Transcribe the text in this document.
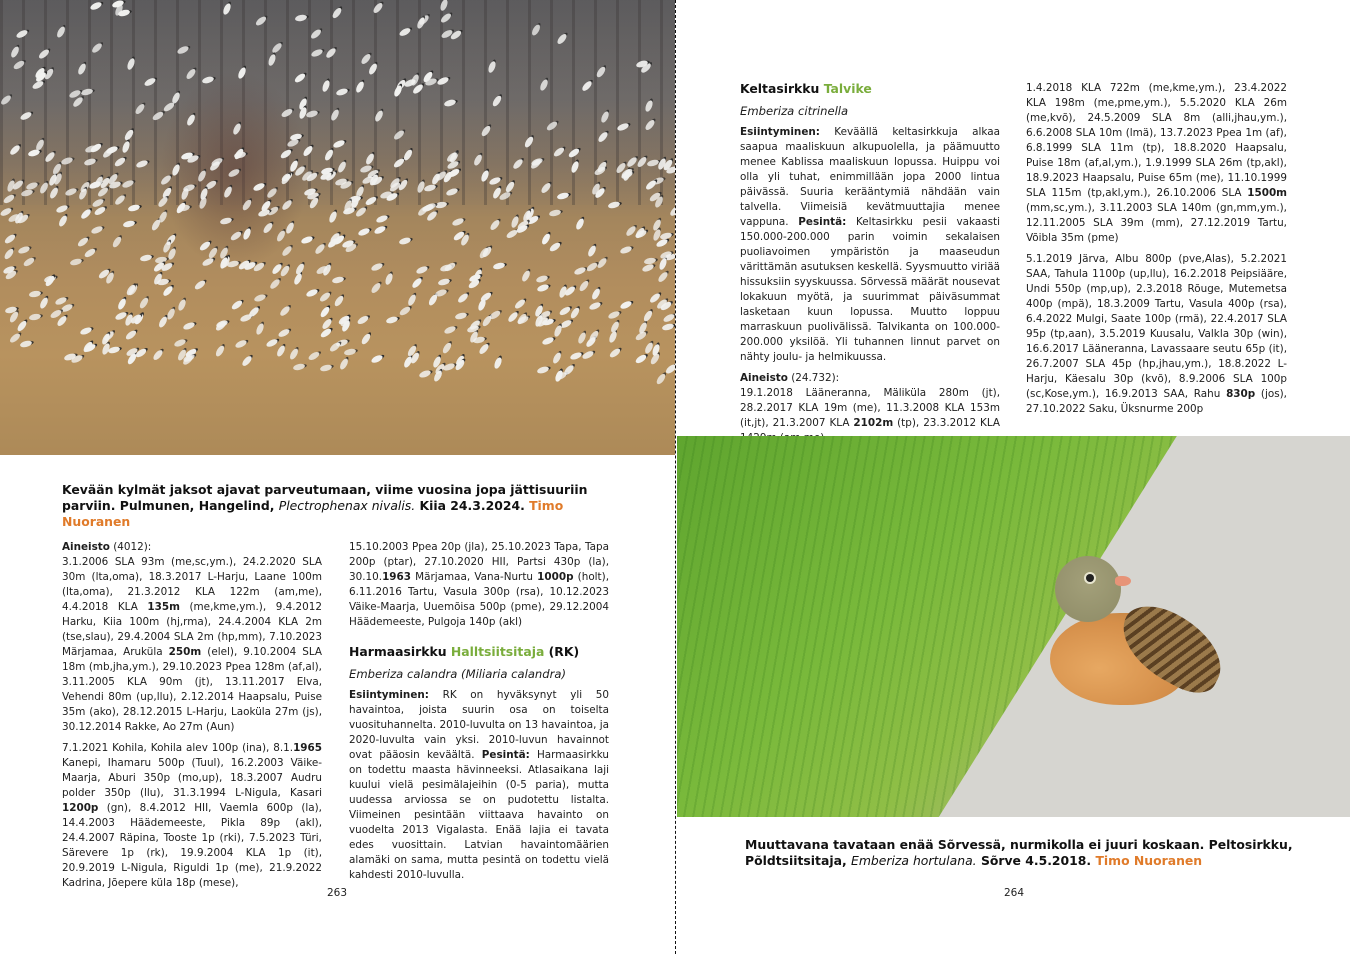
Kevään kylmät jaksot ajavat parveutumaan, viime vuosina jopa jättisuuriin parviin. Pulmunen, Hangelind, Plectrophenax nivalis. Kiia 24.3.2024. Timo Nuoranen

Aineisto (4012):

3.1.2006 SLA 93m (me,sc,ym.), 24.2.2020 SLA 30m (lta,oma), 18.3.2017 L-Harju, Laane 100m (lta,oma), 21.3.2012 KLA 122m (am,me), 4.4.2018 KLA 135m (me,kme,ym.), 9.4.2012 Harku, Kiia 100m (hj,rma), 24.4.2004 KLA 2m (tse,slau), 29.4.2004 SLA 2m (hp,mm), 7.10.2023 Märjamaa, Aruküla 250m (elel), 9.10.2004 SLA 18m (mb,jha,ym.), 29.10.2023 Ppea 128m (af,al), 3.11.2005 KLA 90m (jt), 13.11.2017 Elva, Vehendi 80m (up,llu), 2.12.2014 Haapsalu, Puise 35m (ako), 28.12.2015 L-Harju, Laoküla 27m (js), 30.12.2014 Rakke, Ao 27m (Aun)

7.1.2021 Kohila, Kohila alev 100p (ina), 8.1.1965 Kanepi, Ihamaru 500p (Tuul), 16.2.2003 Väike-Maarja, Aburi 350p (mo,up), 18.3.2007 Audru polder 350p (llu), 31.3.1994 L-Nigula, Kasari 1200p (gn), 8.4.2012 HII, Vaemla 600p (la), 14.4.2003 Häädemeeste, Pikla 89p (akl), 24.4.2007 Räpina, Tooste 1p (rki), 7.5.2023 Türi, Särevere 1p (rk), 19.9.2004 KLA 1p (it), 20.9.2019 L-Nigula, Riguldi 1p (me), 21.9.2022 Kadrina, Jõepere küla 18p (mese),

15.10.2003 Ppea 20p (jla), 25.10.2023 Tapa, Tapa 200p (ptar), 27.10.2020 HII, Partsi 430p (la), 30.10.1963 Märjamaa, Vana-Nurtu 1000p (holt), 6.11.2016 Tartu, Vasula 300p (rsa), 10.12.2023 Väike-Maarja, Uuemõisa 500p (pme), 29.12.2004 Häädemeeste, Pulgoja 140p (akl)

Harmaasirkku Halltsiitsitaja (RK)

Emberiza calandra (Miliaria calandra)

Esiintyminen: RK on hyväksynyt yli 50 havaintoa, joista suurin osa on toiselta vuosituhannelta. 2010-luvulta on 13 havaintoa, ja 2020-luvulta vain yksi. 2010-luvun havainnot ovat pääosin keväältä. Pesintä: Harmaasirkku on todettu maasta hävinneeksi. Atlasaikana laji kuului vielä pesimälajeihin (0-5 paria), mutta uudessa arviossa se on pudotettu listalta. Viimeinen pesintään viittaava havainto on vuodelta 2013 Vigalasta. Enää lajia ei tavata edes vuosittain. Latvian havaintomäärien alamäki on sama, mutta pesintä on todettu vielä kahdesti 2010-luvulla.

263

Keltasirkku Talvike

Emberiza citrinella

Esiintyminen: Keväällä keltasirkkuja alkaa saapua maaliskuun alkupuolella, ja päämuutto menee Kablissa maaliskuun lopussa. Huippu voi olla yli tuhat, enimmillään jopa 2000 lintua päivässä. Suuria kerääntymiä nähdään vain talvella. Viimeisiä kevätmuuttajia menee vappuna. Pesintä: Keltasirkku pesii vakaasti 150.000-200.000 parin voimin sekalaisen puoliavoimen ympäristön ja maaseudun värittämän asutuksen keskellä. Syysmuutto viriää hissuksiin syyskuussa. Sõrvessä määrät nousevat lokakuun myötä, ja suurimmat päiväsummat lasketaan kuun lopussa. Muutto loppuu marraskuun puolivälissä. Talvikanta on 100.000-200.000 yksilöä. Yli tuhannen linnut parvet on nähty joulu- ja helmikuussa.

Aineisto (24.732):

19.1.2018 Lääneranna, Mäliküla 280m (jt), 28.2.2017 KLA 19m (me), 11.3.2008 KLA 153m (it,jt), 21.3.2007 KLA 2102m (tp), 23.3.2012 KLA

1.4.2018 KLA 722m (me,kme,ym.), 23.4.2022 KLA 198m (me,pme,ym.), 5.5.2020 KLA 26m (me,kvõ), 24.5.2009 SLA 8m (alli,jhau,ym.), 6.6.2008 SLA 10m (lmä), 13.7.2023 Ppea 1m (af), 6.8.1999 SLA 11m (tp), 18.8.2020 Haapsalu, Puise 18m (af,al,ym.), 1.9.1999 SLA 26m (tp,akl), 18.9.2023 Haapsalu, Puise 65m (me), 11.10.1999 SLA 115m (tp,akl,ym.), 26.10.2006 SLA 1500m (mm,sc,ym.), 3.11.2003 SLA 140m (gn,mm,ym.), 12.11.2005 SLA 39m (mm), 27.12.2019 Tartu, Võibla 35m (pme)

5.1.2019 Järva, Albu 800p (pve,Alas), 5.2.2021 SAA, Tahula 1100p (up,llu), 16.2.2018 Peipsiääre, Undi 550p (mp,up), 2.3.2018 Rõuge, Mutemetsa 400p (mpä), 18.3.2009 Tartu, Vasula 400p (rsa), 6.4.2022 Mulgi, Saate 100p (rmä), 22.4.2017 SLA 95p (tp,aan), 3.5.2019 Kuusalu, Valkla 30p (win), 16.6.2017 Lääneranna, Lavassaare seutu 65p (it), 26.7.2007 SLA 45p (hp,jhau,ym.), 18.8.2022 L-Harju, Käesalu 30p (kvõ), 8.9.2006 SLA 100p (sc,Kose,ym.), 16.9.2013 SAA, Rahu 830p (jos), 27.10.2022 Saku, Üksnurme 200p

Muuttavana tavataan enää Sõrvessä, nurmikolla ei juuri koskaan. Peltosirkku, Põldtsiitsitaja, Emberiza hortulana. Sõrve 4.5.2018. Timo Nuoranen
264
